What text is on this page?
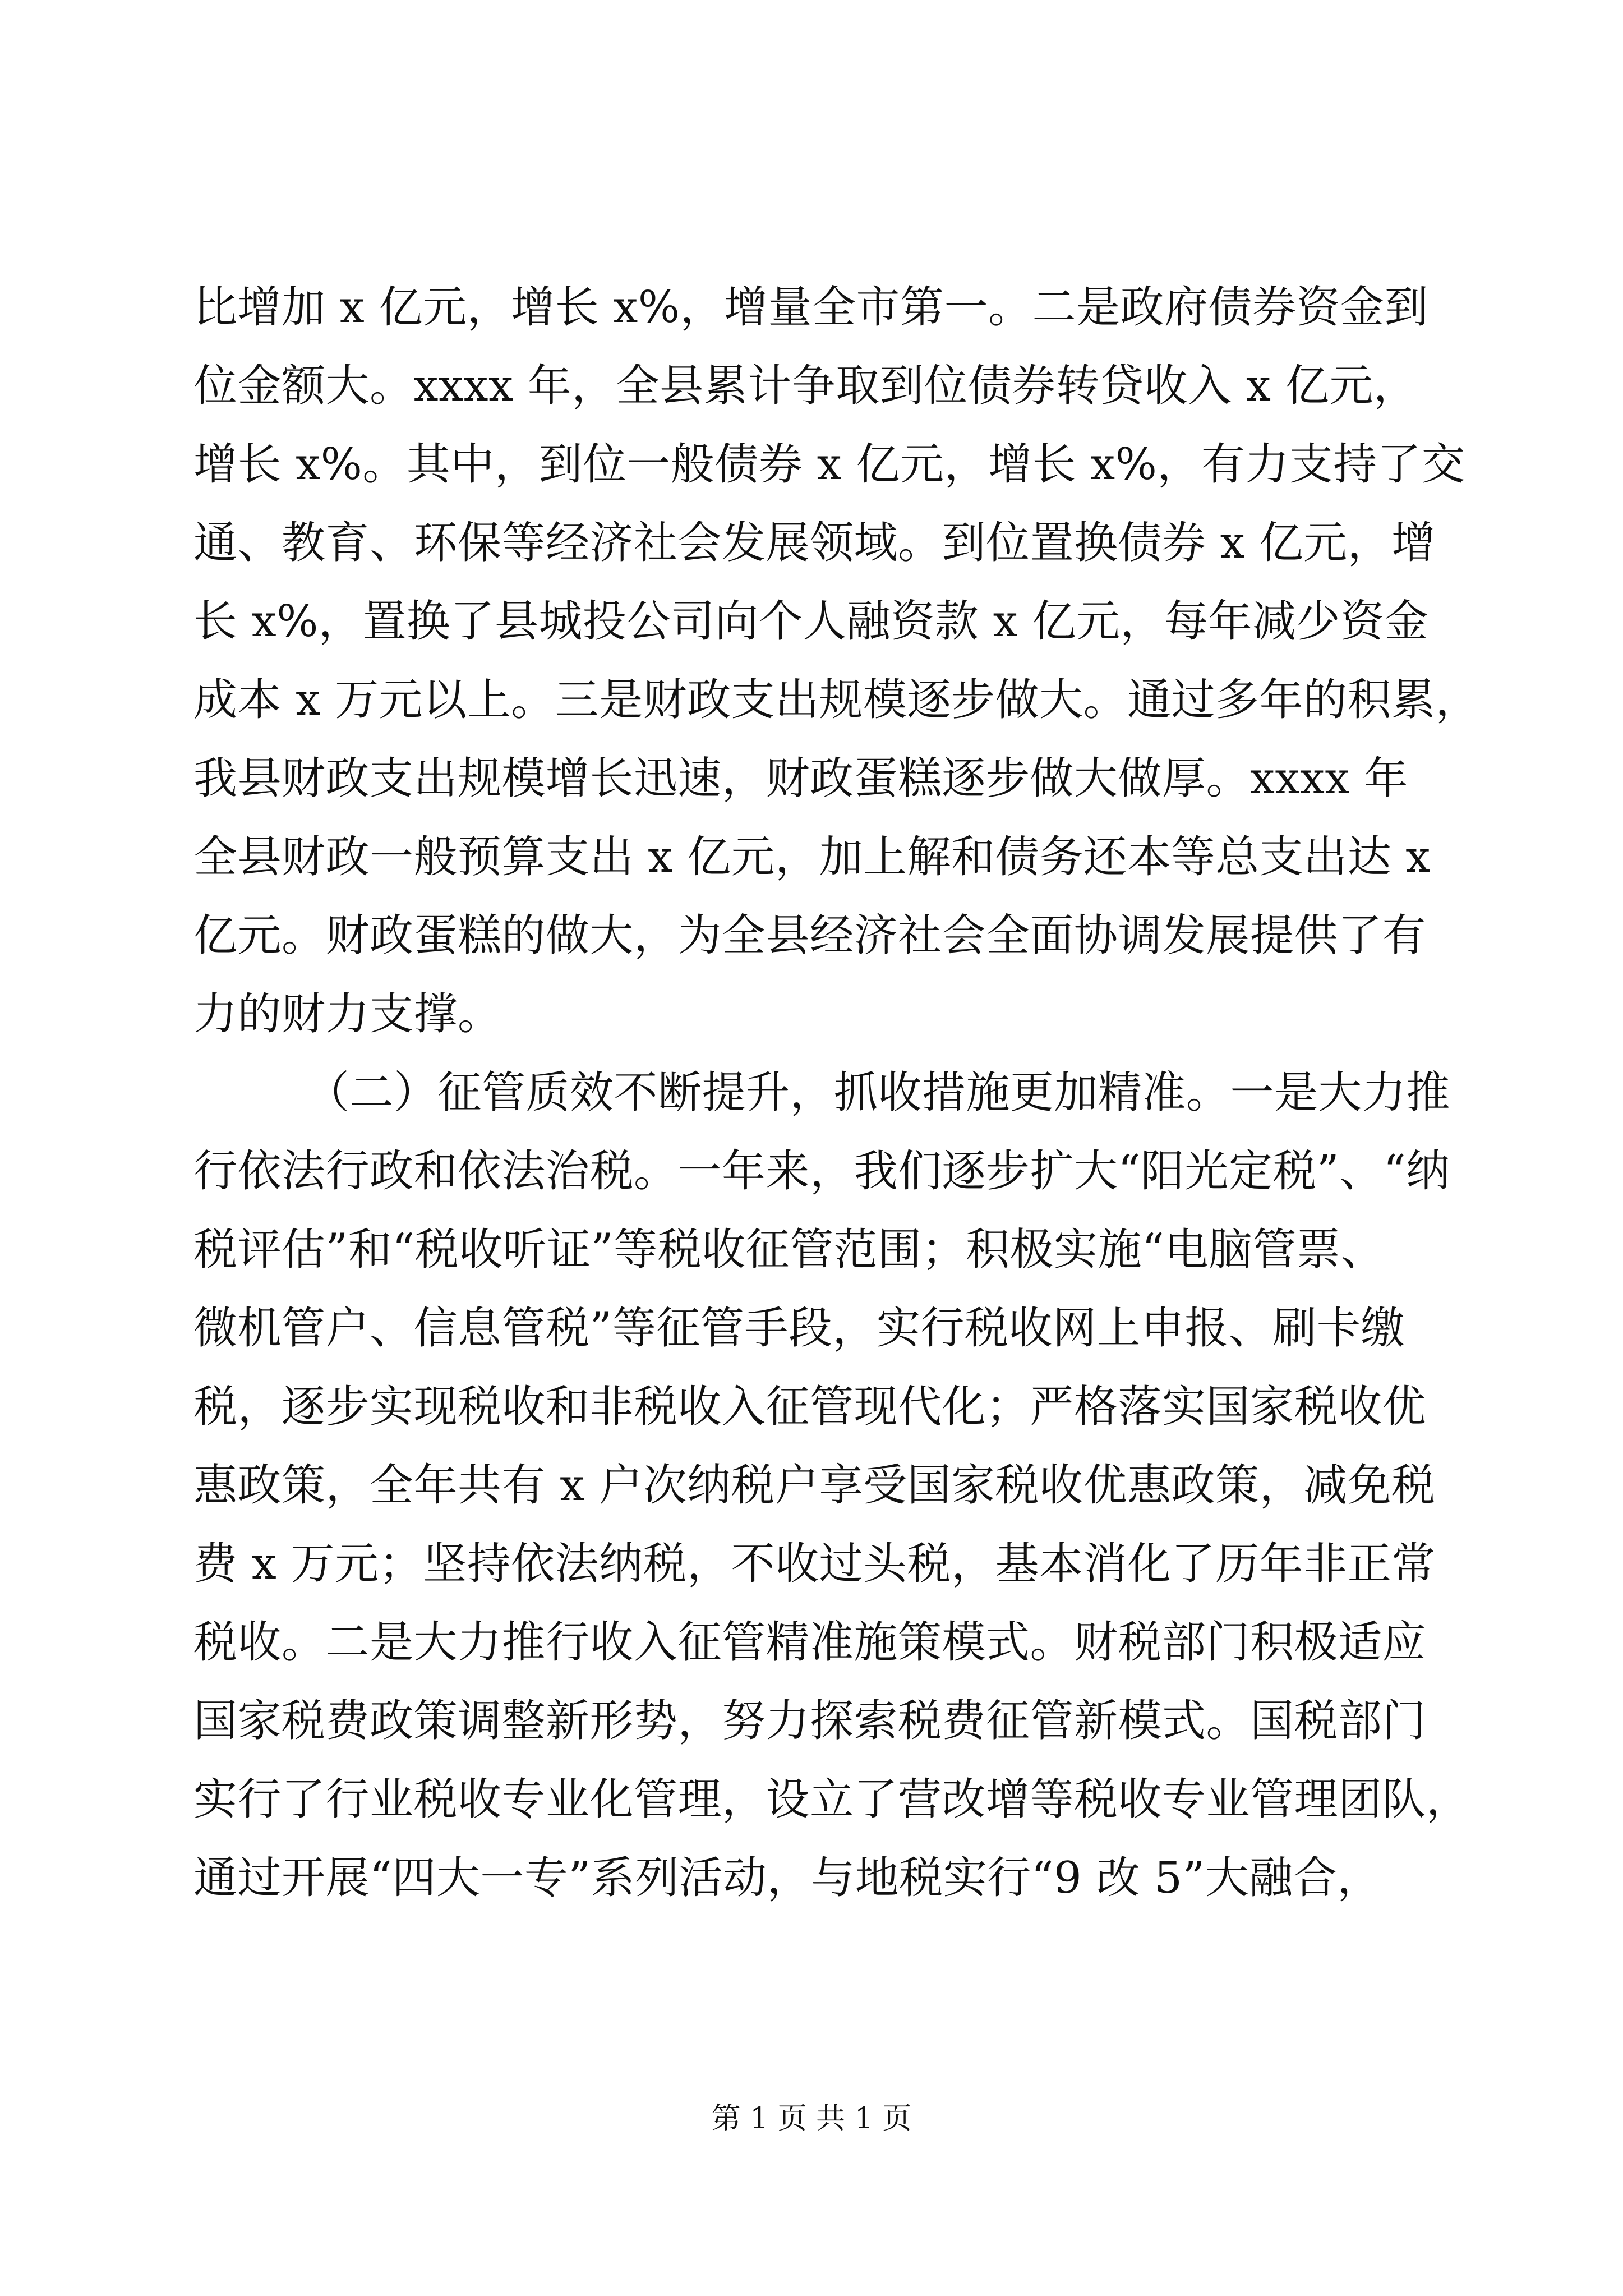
比增加 x 亿元，增长 x%，增量全市第一。二是政府债券资金到
位金额大。xxxx 年，全县累计争取到位债券转贷收入 x 亿元，
增长 x%。其中，到位一般债券 x 亿元，增长 x%，有力支持了交
通、教育、环保等经济社会发展领域。到位置换债券 x 亿元，增
长 x%，置换了县城投公司向个人融资款 x 亿元，每年减少资金
成本 x 万元以上。三是财政支出规模逐步做大。通过多年的积累，
我县财政支出规模增长迅速，财政蛋糕逐步做大做厚。xxxx 年
全县财政一般预算支出 x 亿元，加上解和债务还本等总支出达 x
亿元。财政蛋糕的做大，为全县经济社会全面协调发展提供了有
力的财力支撑。
（二）征管质效不断提升，抓收措施更加精准。一是大力推
行依法行政和依法治税。一年来，我们逐步扩大“阳光定税”、“纳
税评估”和“税收听证”等税收征管范围；积极实施“电脑管票、
微机管户、信息管税”等征管手段，实行税收网上申报、刷卡缴
税，逐步实现税收和非税收入征管现代化；严格落实国家税收优
惠政策，全年共有 x 户次纳税户享受国家税收优惠政策，减免税
费 x 万元；坚持依法纳税，不收过头税，基本消化了历年非正常
税收。二是大力推行收入征管精准施策模式。财税部门积极适应
国家税费政策调整新形势，努力探索税费征管新模式。国税部门
实行了行业税收专业化管理，设立了营改增等税收专业管理团队，
通过开展“四大一专”系列活动，与地税实行“9 改 5”大融合，
第 1 页 共 1 页
